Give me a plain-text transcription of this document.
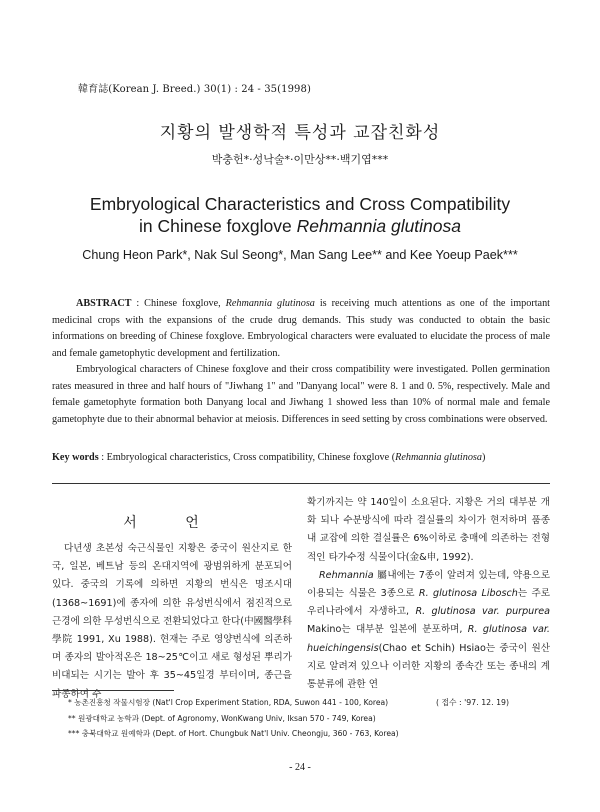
韓育誌(Korean J. Breed.) 30(1) : 24 - 35(1998)
지황의 발생학적 특성과 교잡친화성
박충헌*·성낙술*·이만상**·백기엽***
Embryological Characteristics and Cross Compatibility
in Chinese foxglove Rehmannia glutinosa
Chung Heon Park*, Nak Sul Seong*, Man Sang Lee** and Kee Yoeup Paek***

ABSTRACT : Chinese foxglove, Rehmannia glutinosa is receiving much attentions as one of the important medicinal crops with the expansions of the crude drug demands. This study was conducted to obtain the basic informations on breeding of Chinese foxglove. Embryological characters were evaluated to elucidate the process of male and female gametophytic development and fertilization.

Embryological characters of Chinese foxglove and their cross compatibility were investigated. Pollen germination rates measured in three and half hours of "Jiwhang 1" and "Danyang local" were 8. 1 and 0. 5%, respectively. Male and female gametophyte formation both Danyang local and Jiwhang 1 showed less than 10% of normal male and female gametophyte due to their abnormal behavior at meiosis. Differences in seed setting by cross combinations were observed.

Key words : Embryological characteristics, Cross compatibility, Chinese foxglove (Rehmannia glutinosa)
서 언

다년생 초본성 숙근식물인 지황은 중국이 원산지로 한국, 일본, 베트남 등의 온대지역에 광범위하게 분포되어 있다. 중국의 기록에 의하면 지황의 번식은 명조시대(1368~1691)에 종자에 의한 유성번식에서 점진적으로 근경에 의한 무성번식으로 전환되었다고 한다(中國醫學科學院 1991, Xu 1988). 현재는 주로 영양번식에 의존하며 종자의 발아적온은 18~25℃이고 새로 형성된 뿌리가 비대되는 시기는 발아 후 35~45일경 부터이며, 종근을 파종하여 수

확기까지는 약 140일이 소요된다. 지황은 거의 대부분 개화 되나 수분방식에 따라 결실률의 차이가 현저하며 품종내 교잡에 의한 결실률은 6%이하로 충매에 의존하는 전형적인 타가수정 식물이다(金&申, 1992).

Rehmannia 屬내에는 7종이 알려져 있는데, 약용으로 이용되는 식물은 3종으로 R. glutinosa Libosch는 주로 우리나라에서 자생하고, R. glutinosa var. purpurea Makino는 대부분 일본에 분포하며, R. glutinosa var. hueichingensis(Chao et Schih) Hsiao는 중국이 원산지로 알려져 있으나 이러한 지황의 종속간 또는 종내의 계통분류에 관한 연

* 농촌진흥청 작물시험장 (Nat'l Crop Experiment Station, RDA, Suwon 441 - 100, Korea)
** 원광대학교 농학과 (Dept. of Agronomy, WonKwang Univ, Iksan 570 - 749, Korea)
*** 충북대학교 원예학과 (Dept. of Hort. Chungbuk Nat'l Univ. Cheongju, 360 - 763, Korea)
( 접수 : '97. 12. 19)
- 24 -
